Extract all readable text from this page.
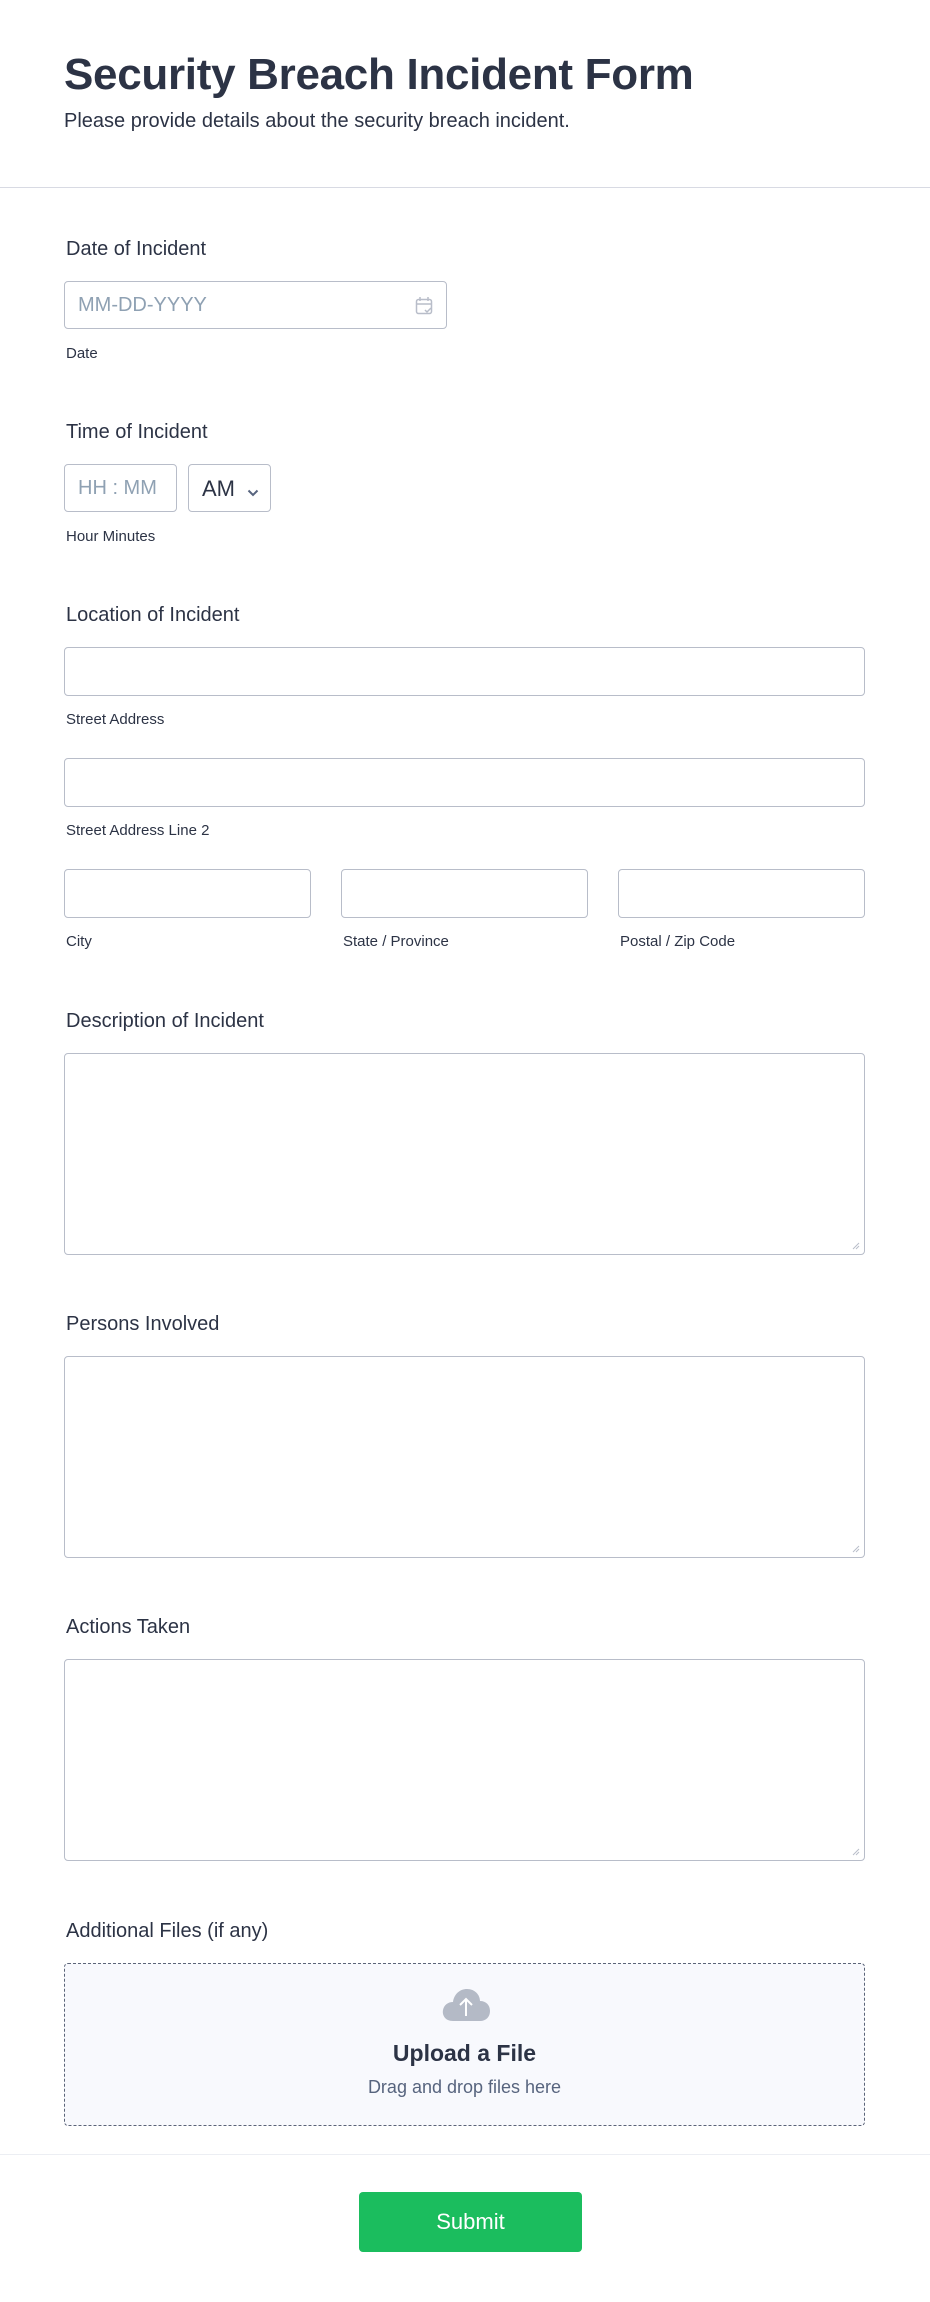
Security Breach Incident Form
Please provide details about the security breach incident.
Date of Incident
MM-DD-YYYY
Date
Time of Incident
HH : MM AM
Hour Minutes
Location of Incident
Street Address
Street Address Line 2
City	State / Province	Postal / Zip Code
Description of Incident
Persons Involved
Actions Taken
Additional Files (if any)
Upload a File
Drag and drop files here
Submit
